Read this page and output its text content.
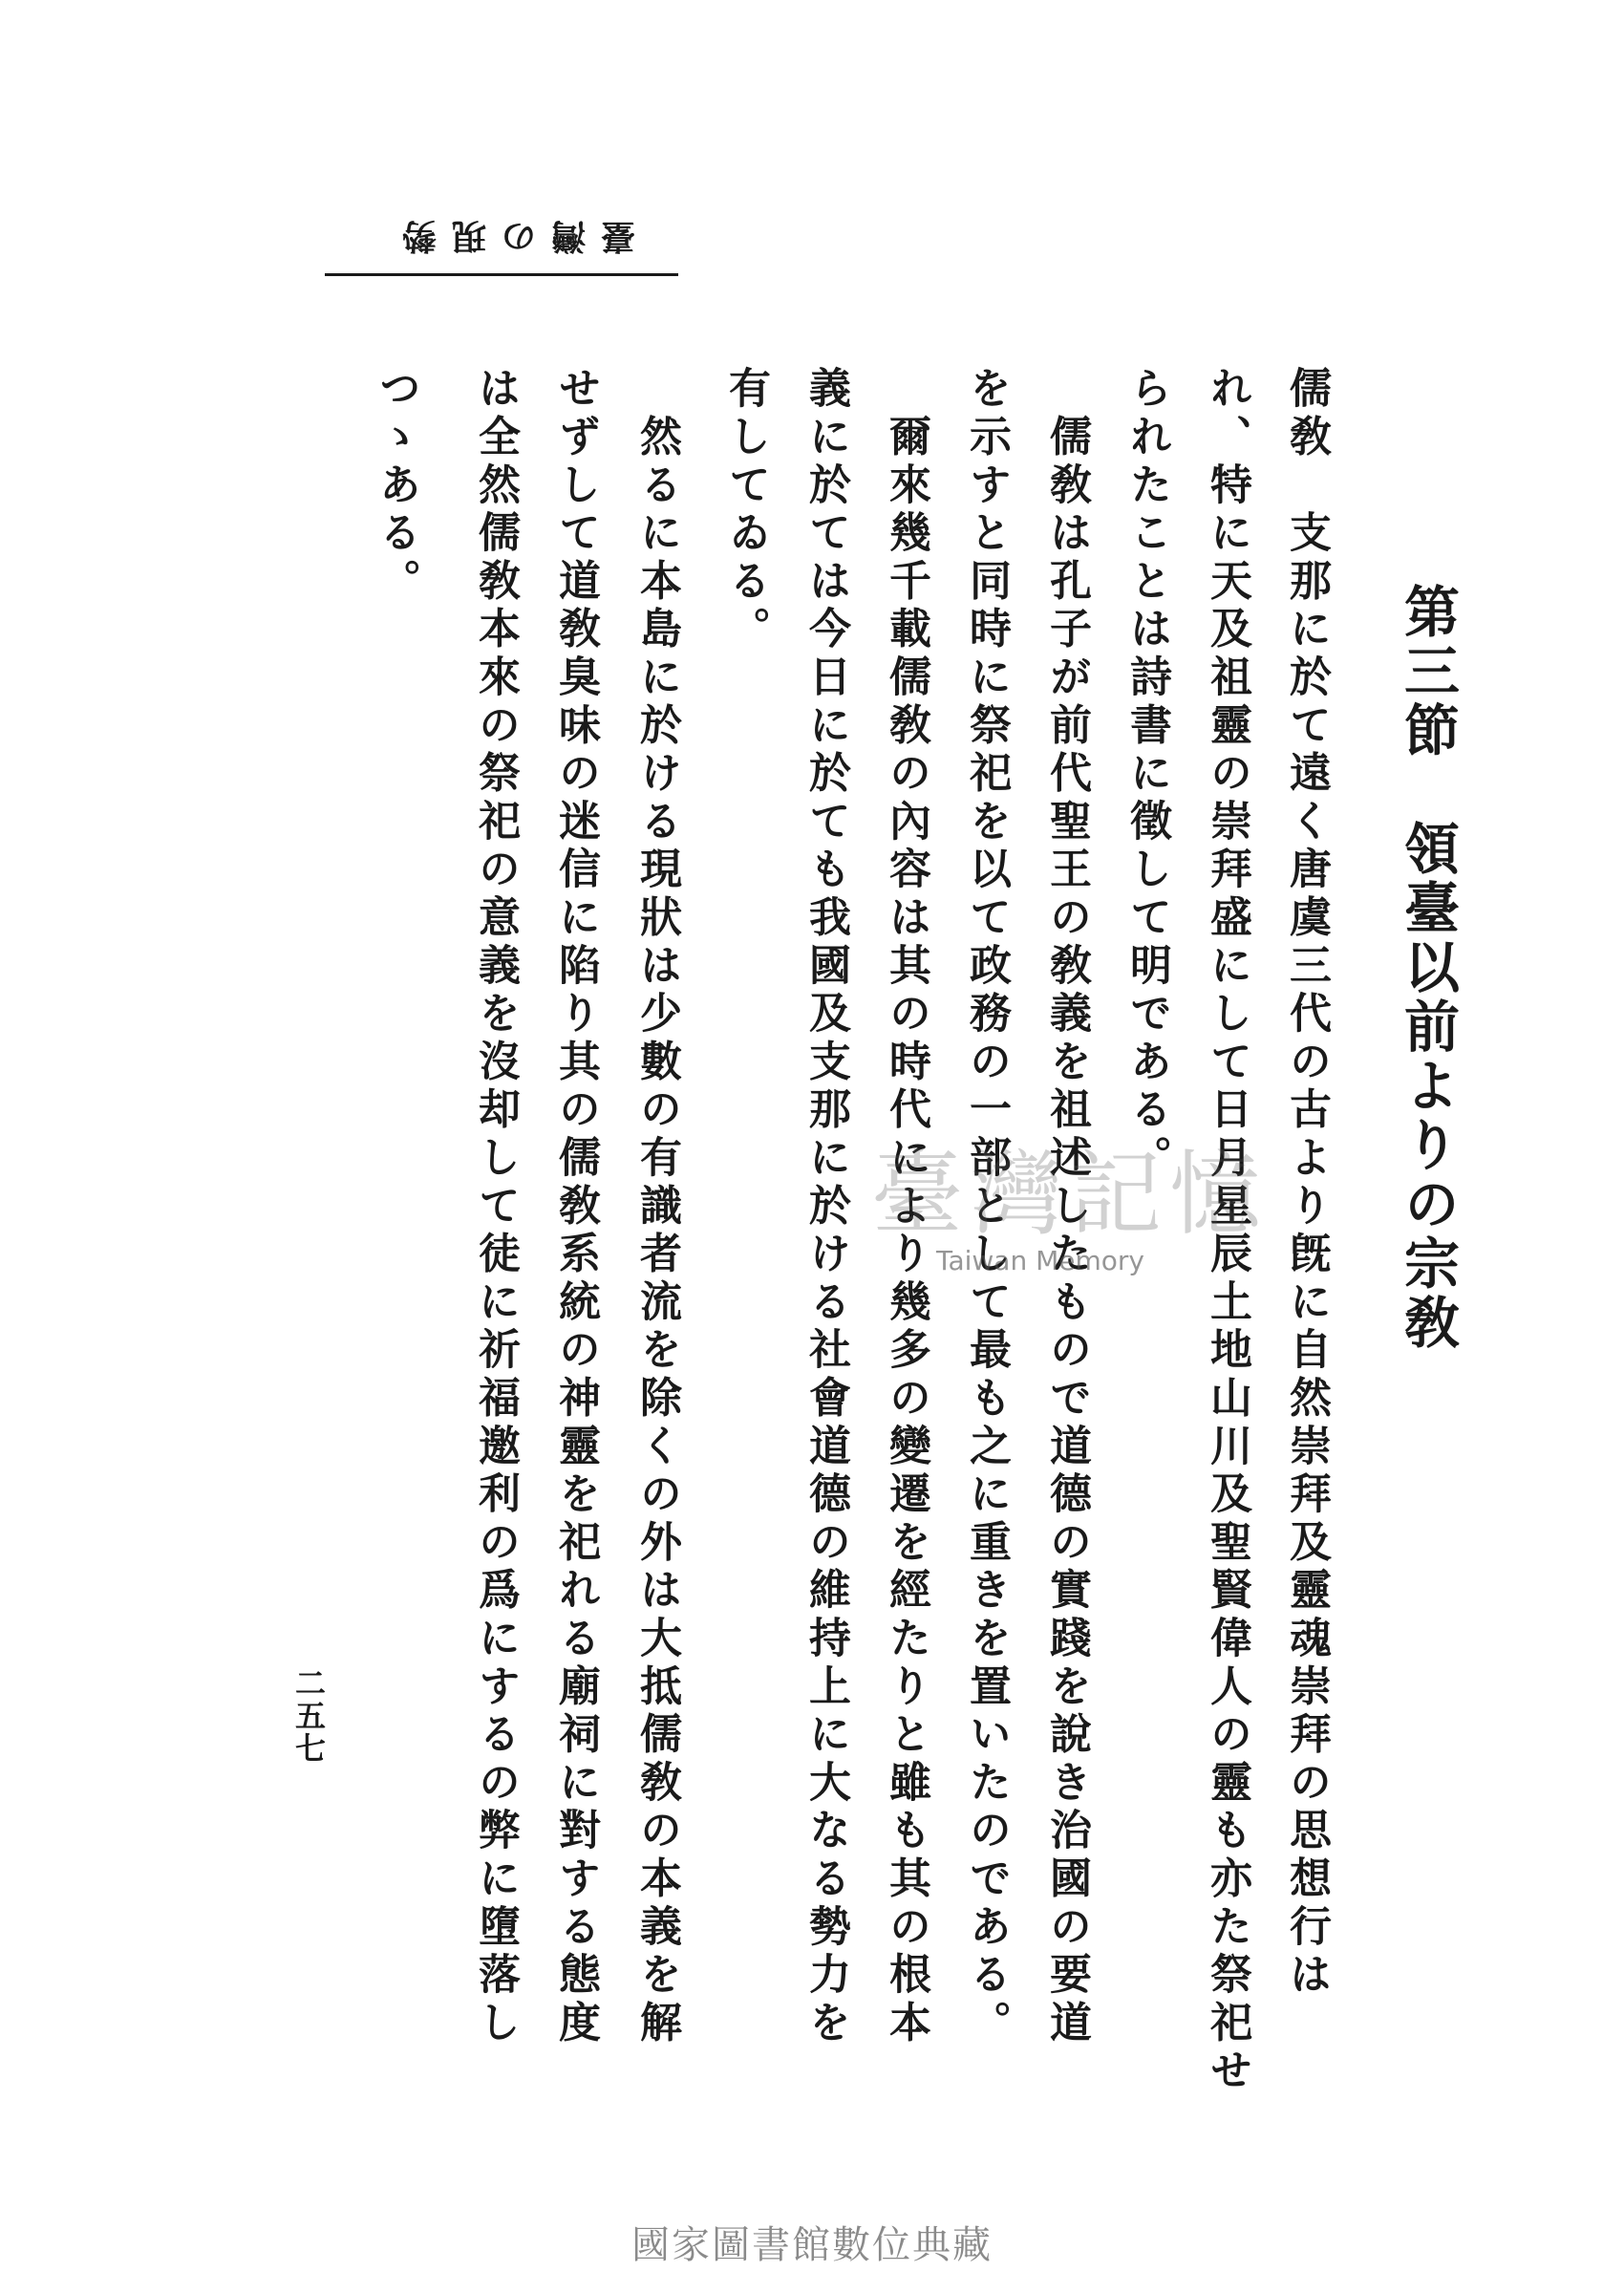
臺灣の現勢
第三節　領臺以前よりの宗敎
儒敎　支那に於て遠く唐虞三代の古より旣に自然崇拜及靈魂崇拜の思想行は
れ、特に天及祖靈の崇拜盛にして日月星辰土地山川及聖賢偉人の靈も亦た祭祀せ
られたことは詩書に徵して明である。
　儒敎は孔子が前代聖王の敎義を祖述したもので道德の實踐を說き治國の要道
を示すと同時に祭祀を以て政務の一部として最も之に重きを置いたのである。
　爾來幾千載儒敎の內容は其の時代により幾多の變遷を經たりと雖も其の根本
義に於ては今日に於ても我國及支那に於ける社會道德の維持上に大なる勢力を
有してゐる。
　然るに本島に於ける現狀は少數の有識者流を除くの外は大抵儒敎の本義を解
せずして道敎臭味の迷信に陷り其の儒敎系統の神靈を祀れる廟祠に對する態度
は全然儒敎本來の祭祀の意義を沒却して徒に祈福邀利の爲にするの弊に墮落し
つゝある。
二五七
臺灣記憶
Taiwan Memory
國家圖書館數位典藏
